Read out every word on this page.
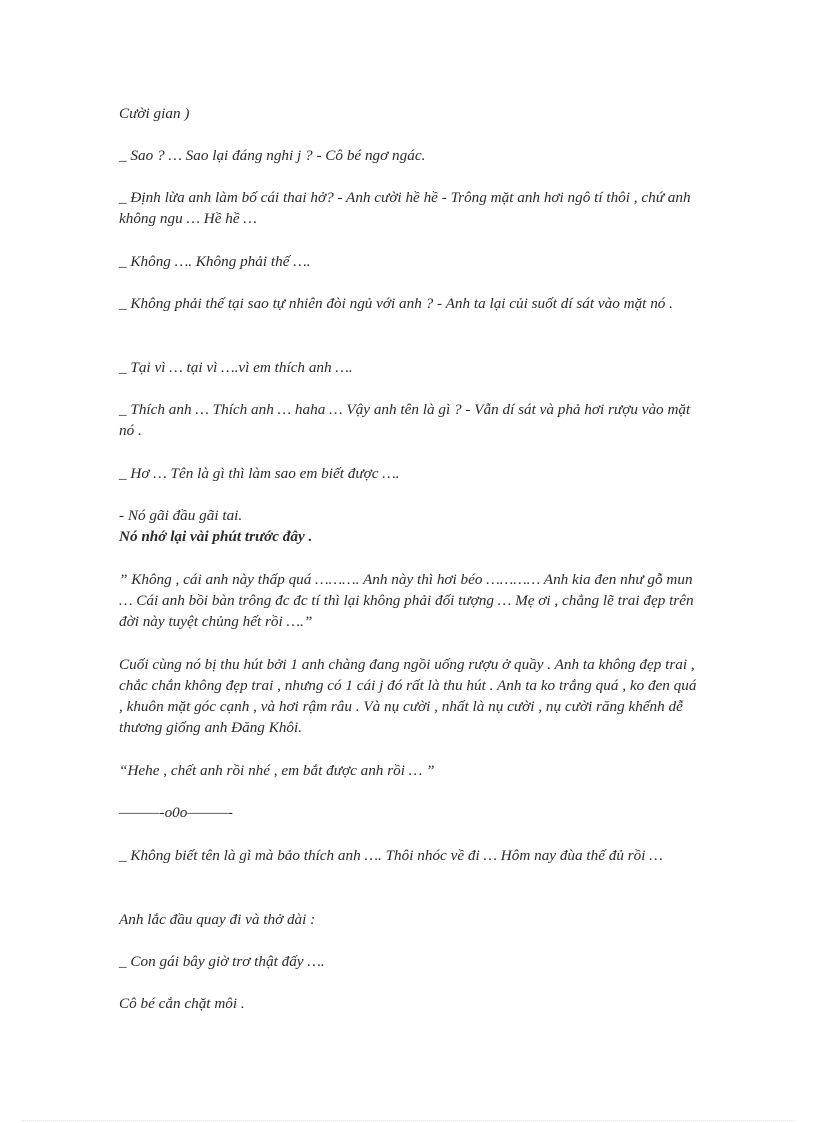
Cười gian )

_ Sao ? … Sao lại đáng nghi j ? - Cô bé ngơ ngác.

_ Định lừa anh làm bố cái thai hở? - Anh cười hề hề - Trông mặt anh hơi ngô tí thôi , chứ anh không ngu … Hề hề …

_ Không …. Không phải thế ….

_ Không phải thế tại sao tự nhiên đòi ngủ với anh ? - Anh ta lại củi suốt dí sát vào mặt nó .

_ Tại vì … tại vì ….vì em thích anh ….

_ Thích anh … Thích anh … haha … Vậy anh tên là gì ? - Vẫn dí sát và phả hơi rượu vào mặt nó .

_ Hơ … Tên là gì thì làm sao em biết được ….

- Nó gãi đầu gãi tai.

Nó nhớ lại vài phút trước đây .

” Không , cái anh này thấp quá ………. Anh này thì hơi béo ………… Anh kia đen như gỗ mun … Cái anh bồi bàn trông đc đc tí thì lại không phải đối tượng … Mẹ ơi , chẳng lẽ trai đẹp trên đời này tuyệt chủng hết rồi ….”

Cuối cùng nó bị thu hút bởi 1 anh chàng đang ngồi uống rượu ở quầy . Anh ta không đẹp trai , chắc chắn không đẹp trai , nhưng có 1 cái j đó rất là thu hút . Anh ta ko trắng quá , ko đen quá , khuôn mặt góc cạnh , và hơi rậm râu . Và nụ cười , nhất là nụ cười , nụ cười răng khểnh dễ thương giống anh Đăng Khôi.

“Hehe , chết anh rồi nhé , em bắt được anh rồi … ”

———-o0o———-

_ Không biết tên là gì mà bảo thích anh …. Thôi nhóc về đi … Hôm nay đùa thế đủ rồi …

Anh lắc đầu quay đi và thở dài :

_ Con gái bây giờ trơ thật đấy ….

Cô bé cắn chặt môi .
